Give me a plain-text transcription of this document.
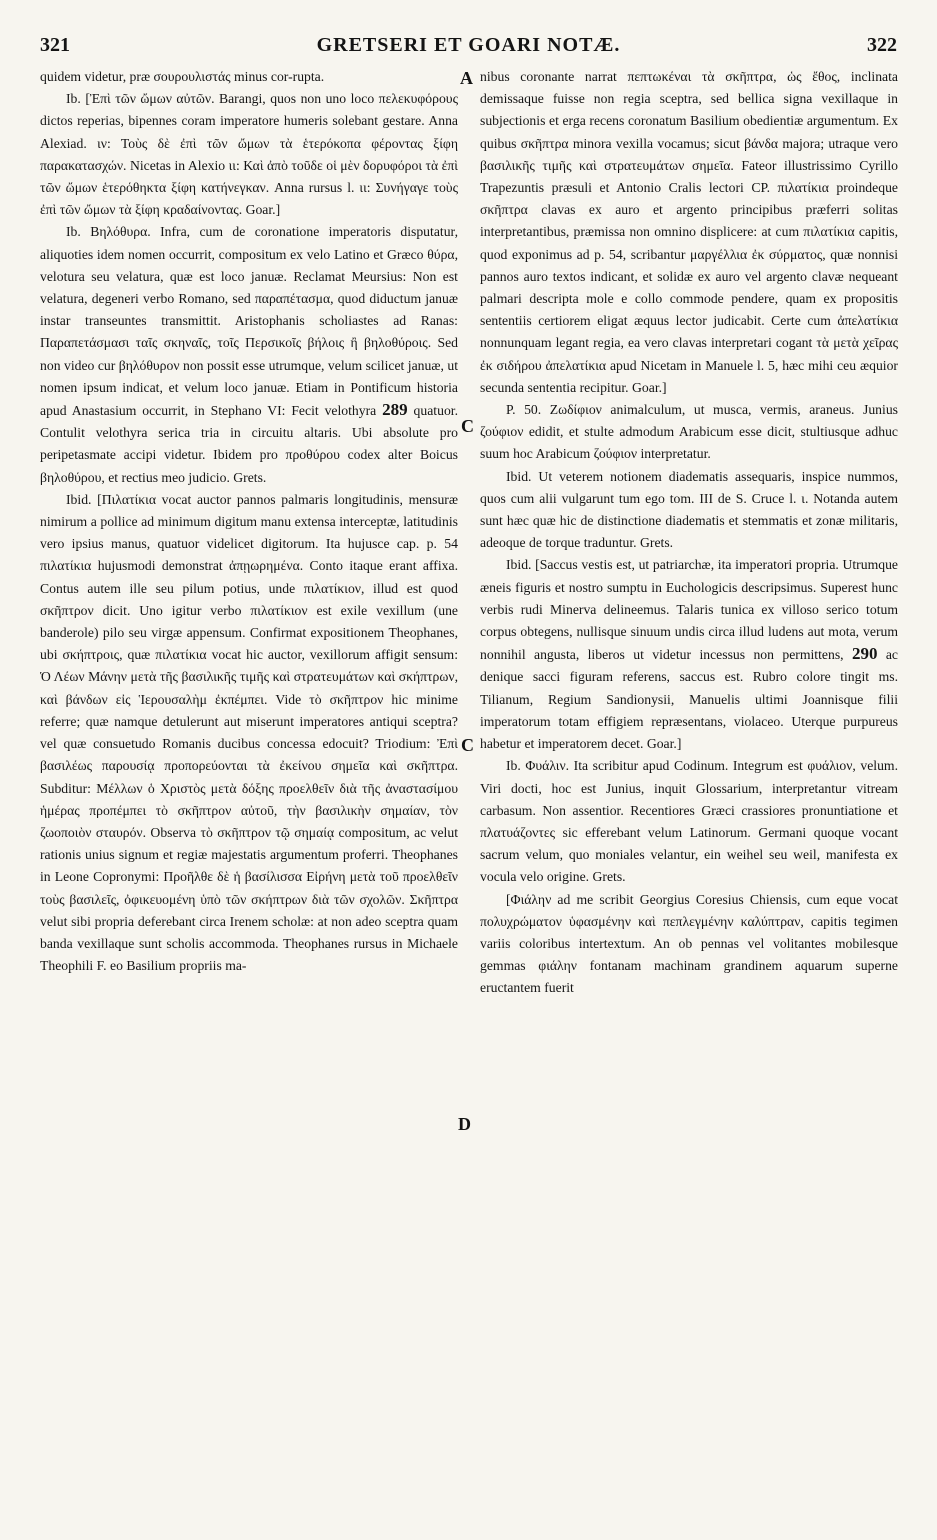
321	GRETSERI ET GOARI NOTÆ.	322
A
C
C
D

quidem videtur, præ σουρουλιστάς minus cor-rupta.

Ib. [Ἐπὶ τῶν ὤμων αὐτῶν. Barangi, quos non uno loco πελεκυφόρους dictos reperias, bipennes coram imperatore humeris solebant gestare. Anna Alexiad. ιν: Τοὺς δὲ ἐπὶ τῶν ὤμων τὰ ἑτερόκοπα φέροντας ξίφη παρακατασχών. Nicetas in Alexio ιι: Καὶ ἀπὸ τοῦδε οἱ μὲν δορυφόροι τὰ ἐπὶ τῶν ὤμων ἑτερόθηκτα ξίφη κατήνεγκαν. Anna rursus l. ιι: Συνήγαγε τοὺς ἐπὶ τῶν ὤμων τὰ ξίφη κραδαίνοντας. Goar.]

Ib. Βηλόθυρα. Infra, cum de coronatione imperatoris disputatur, aliquoties idem nomen occurrit, compositum ex velo Latino et Græco θύρα, velotura seu velatura, quæ est loco januæ. Reclamat Meursius: Non est velatura, degeneri verbo Romano, sed παραπέτασμα, quod diductum januæ instar transeuntes transmittit. Aristophanis scholiastes ad Ranas: Παραπετάσμασι ταῖς σκηναῖς, τοῖς Περσικοῖς βήλοις ἢ βηλοθύροις. Sed non video cur βηλόθυρον non possit esse utrumque, velum scilicet januæ, ut nomen ipsum indicat, et velum loco januæ. Etiam in Pontificum historia apud Anastasium occurrit, in Stephano VI: Fecit velothyra 289 quatuor. Contulit velothyra serica tria in circuitu altaris. Ubi absolute pro peripetasmate accipi videtur. Ibidem pro προθύρου codex alter Boicus βηλοθύρου, et rectius meo judicio. Grets.

Ibid. [Πιλατίκια vocat auctor pannos palmaris longitudinis, mensuræ nimirum a pollice ad minimum digitum manu extensa interceptæ, latitudinis vero ipsius manus, quatuor videlicet digitorum. Ita hujusce cap. p. 54 πιλατίκια hujusmodi demonstrat ἀπῃωρημένα. Conto itaque erant affixa. Contus autem ille seu pilum potius, unde πιλατίκιον, illud est quod σκῆπτρον dicit. Uno igitur verbo πιλατίκιον est exile vexillum (une banderole) pilo seu virgæ appensum. Confirmat expositionem Theophanes, ubi σκήπτροις, quæ πιλατίκια vocat hic auctor, vexillorum affigit sensum: Ὁ Λέων Μάνην μετὰ τῆς βασιλικῆς τιμῆς καὶ στρατευμάτων καὶ σκήπτρων, καὶ βάνδων εἰς Ἱερουσαλὴμ ἐκπέμπει. Vide τὸ σκῆπτρον hic minime referre; quæ namque detulerunt aut miserunt imperatores antiqui sceptra? vel quæ consuetudo Romanis ducibus concessa edocuit? Triodium: Ἐπὶ βασιλέως παρουσίᾳ προπορεύονται τὰ ἐκείνου σημεῖα καὶ σκῆπτρα. Subditur: Μέλλων ὁ Χριστὸς μετὰ δόξης προελθεῖν διὰ τῆς ἀναστασίμου ἡμέρας προπέμπει τὸ σκῆπτρον αὐτοῦ, τὴν βασιλικὴν σημαίαν, τὸν ζωοποιὸν σταυρόν. Observa τὸ σκῆπτρον τῷ σημαίᾳ compositum, ac velut rationis unius signum et regiæ majestatis argumentum proferri. Theophanes in Leone Copronymi: Προῆλθε δὲ ἡ βασίλισσα Εἰρήνη μετὰ τοῦ προελθεῖν τοὺς βασιλεῖς, ὀφικευομένη ὑπὸ τῶν σκήπτρων διὰ τῶν σχολῶν. Σκῆπτρα velut sibi propria deferebant circa Irenem scholæ: at non adeo sceptra quam banda vexillaque sunt scholis accommoda. Theophanes rursus in Michaele Theophili F. eo Basilium propriis ma-

nibus coronante narrat πεπτωκέναι τὰ σκῆπτρα, ὡς ἔθος, inclinata demissaque fuisse non regia sceptra, sed bellica signa vexillaque in subjectionis et erga recens coronatum Basilium obedientiæ argumentum. Ex quibus σκῆπτρα minora vexilla vocamus; sicut βάνδα majora; utraque vero βασιλικῆς τιμῆς καὶ στρατευμάτων σημεῖα. Fateor illustrissimo Cyrillo Trapezuntis præsuli et Antonio Cralis lectori CP. πιλατίκια proindeque σκῆπτρα clavas ex auro et argento principibus præferri solitas interpretantibus, præmissa non omnino displicere: at cum πιλατίκια capitis, quod exponimus ad p. 54, scribantur μαργέλλια ἐκ σύρματος, quæ nonnisi pannos auro textos indicant, et solidæ ex auro vel argento clavæ nequeant palmari descripta mole e collo commode pendere, quam ex propositis sententiis certiorem eligat æquus lector judicabit. Certe cum ἀπελατίκια nonnunquam legant regia, ea vero clavas interpretari cogant τὰ μετὰ χεῖρας ἐκ σιδήρου ἀπελατίκια apud Nicetam in Manuele l. 5, hæc mihi ceu æquior secunda sententia recipitur. Goar.]

P. 50. Ζωδίφιον animalculum, ut musca, vermis, araneus. Junius ζούφιον edidit, et stulte admodum Arabicum esse dicit, stultiusque adhuc suum hoc Arabicum ζούφιον interpretatur.

Ibid. Ut veterem notionem diadematis assequaris, inspice nummos, quos cum alii vulgarunt tum ego tom. III de S. Cruce l. ι. Notanda autem sunt hæc quæ hic de distinctione diadematis et stemmatis et zonæ militaris, adeoque de torque traduntur. Grets.

Ibid. [Saccus vestis est, ut patriarchæ, ita imperatori propria. Utrumque æneis figuris et nostro sumptu in Euchologicis descripsimus. Superest hunc verbis rudi Minerva delineemus. Talaris tunica ex villoso serico totum corpus obtegens, nullisque sinuum undis circa illud ludens aut mota, verum nonnihil angusta, liberos ut videtur incessus non permittens, 290 ac denique sacci figuram referens, saccus est. Rubro colore tingit ms. Tilianum, Regium Sandionysii, Manuelis ultimi Joannisque filii imperatorum totam effigiem repræsentans, violaceo. Uterque purpureus habetur et imperatorem decet. Goar.]

Ib. Φυάλιν. Ita scribitur apud Codinum. Integrum est φυάλιον, velum. Viri docti, hoc est Junius, inquit Glossarium, interpretantur vitream carbasum. Non assentior. Recentiores Græci crassiores pronuntiatione et πλατυάζοντες sic efferebant velum Latinorum. Germani quoque vocant sacrum velum, quo moniales velantur, ein weihel seu weil, manifesta ex vocula velo origine. Grets.

[Φιάλην ad me scribit Georgius Coresius Chiensis, cum eque vocat πολυχρώματον ὑφασμένην καὶ πεπλεγμένην καλύπτραν, capitis tegimen variis coloribus intertextum. An ob pennas vel volitantes mobilesque gemmas φιάλην fontanam machinam grandinem aquarum superne eructantem fuerit
